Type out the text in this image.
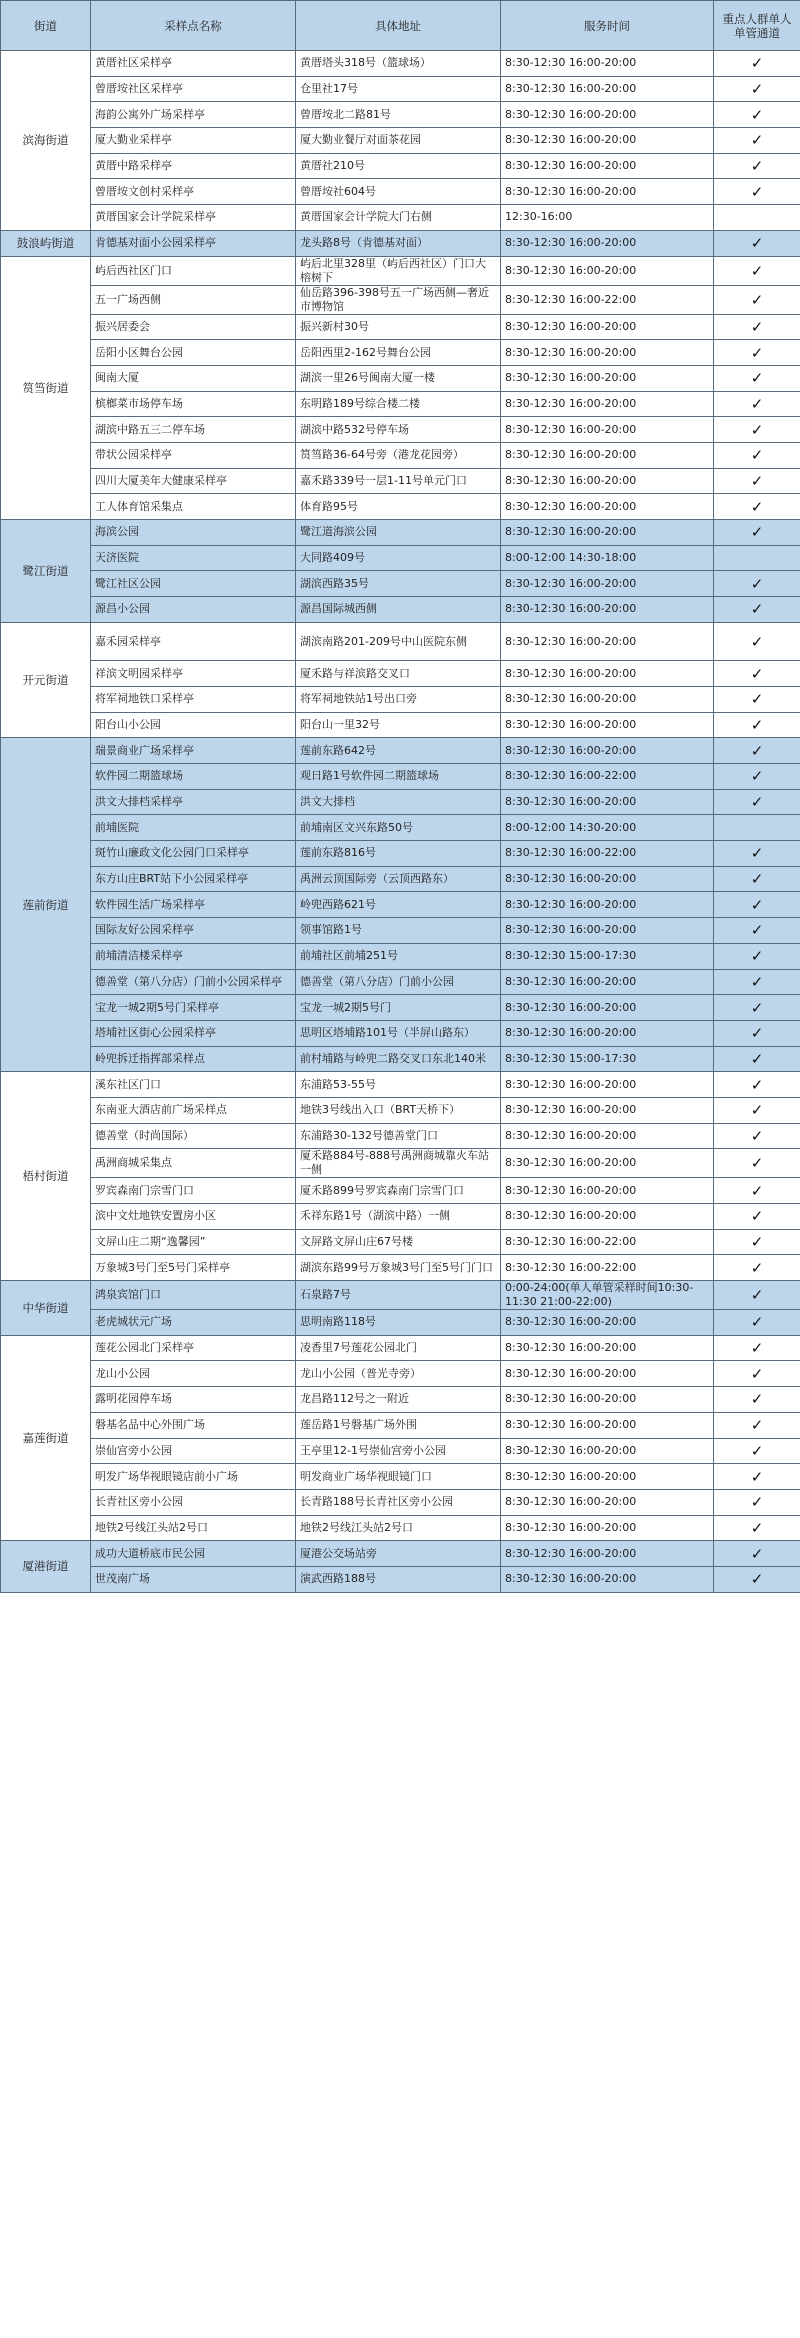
街道	采样点名称	具体地址	服务时间	重点人群单人单管通道
滨海街道	黄厝社区采样亭	黄厝塔头318号（篮球场）	8:30-12:30 16:00-20:00	✓
	曾厝垵社区采样亭	仓里社17号	8:30-12:30 16:00-20:00	✓
	海韵公寓外广场采样亭	曾厝垵北二路81号	8:30-12:30 16:00-20:00	✓
	厦大勤业采样亭	厦大勤业餐厅对面茶花园	8:30-12:30 16:00-20:00	✓
	黄厝中路采样亭	黄厝社210号	8:30-12:30 16:00-20:00	✓
	曾厝垵文创村采样亭	曾厝垵社604号	8:30-12:30 16:00-20:00	✓
	黄厝国家会计学院采样亭	黄厝国家会计学院大门右侧	12:30-16:00	
鼓浪屿街道	肯德基对面小公园采样亭	龙头路8号（肯德基对面）	8:30-12:30 16:00-20:00	✓
筼筜街道	屿后西社区门口	屿后北里328里（屿后西社区）门口大榕树下	8:30-12:30 16:00-20:00	✓
	五一广场西侧	仙岳路396-398号五一广场西侧—奢近市博物馆	8:30-12:30 16:00-22:00	✓
	振兴居委会	振兴新村30号	8:30-12:30 16:00-20:00	✓
	岳阳小区舞台公园	岳阳西里2-162号舞台公园	8:30-12:30 16:00-20:00	✓
	闽南大厦	湖滨一里26号闽南大厦一楼	8:30-12:30 16:00-20:00	✓
	槟榔菜市场停车场	东明路189号综合楼二楼	8:30-12:30 16:00-20:00	✓
	湖滨中路五三二停车场	湖滨中路532号停车场	8:30-12:30 16:00-20:00	✓
	带状公园采样亭	筼筜路36-64号旁（港龙花园旁）	8:30-12:30 16:00-20:00	✓
	四川大厦美年大健康采样亭	嘉禾路339号一层1-11号单元门口	8:30-12:30 16:00-20:00	✓
	工人体育馆采集点	体育路95号	8:30-12:30 16:00-20:00	✓
鹭江街道	海滨公园	鹭江道海滨公园	8:30-12:30 16:00-20:00	✓
	天济医院	大同路409号	8:00-12:00 14:30-18:00	
	鹭江社区公园	湖滨西路35号	8:30-12:30 16:00-20:00	✓
	源昌小公园	源昌国际城西侧	8:30-12:30 16:00-20:00	✓
开元街道	嘉禾园采样亭	湖滨南路201-209号中山医院东侧	8:30-12:30 16:00-20:00	✓
	祥滨文明园采样亭	厦禾路与祥滨路交叉口	8:30-12:30 16:00-20:00	✓
	将军祠地铁口采样亭	将军祠地铁站1号出口旁	8:30-12:30 16:00-20:00	✓
	阳台山小公园	阳台山一里32号	8:30-12:30 16:00-20:00	✓
莲前街道	瑞景商业广场采样亭	莲前东路642号	8:30-12:30 16:00-20:00	✓
	软件园二期篮球场	观日路1号软件园二期篮球场	8:30-12:30 16:00-22:00	✓
	洪文大排档采样亭	洪文大排档	8:30-12:30 16:00-20:00	✓
	前埔医院	前埔南区文兴东路50号	8:00-12:00 14:30-20:00	
	斑竹山廉政文化公园门口采样亭	莲前东路816号	8:30-12:30 16:00-22:00	✓
	东方山庄BRT站下小公园采样亭	禹洲云顶国际旁（云顶西路东）	8:30-12:30 16:00-20:00	✓
	软件园生活广场采样亭	岭兜西路621号	8:30-12:30 16:00-20:00	✓
	国际友好公园采样亭	领事馆路1号	8:30-12:30 16:00-20:00	✓
	前埔清洁楼采样亭	前埔社区前埔251号	8:30-12:30 15:00-17:30	✓
	德善堂（第八分店）门前小公园采样亭	德善堂（第八分店）门前小公园	8:30-12:30 16:00-20:00	✓
	宝龙一城2期5号门采样亭	宝龙一城2期5号门	8:30-12:30 16:00-20:00	✓
	塔埔社区街心公园采样亭	思明区塔埔路101号（半屏山路东）	8:30-12:30 16:00-20:00	✓
	岭兜拆迁指挥部采样点	前村埔路与岭兜二路交叉口东北140米	8:30-12:30 15:00-17:30	✓
梧村街道	溪东社区门口	东浦路53-55号	8:30-12:30 16:00-20:00	✓
	东南亚大酒店前广场采样点	地铁3号线出入口（BRT天桥下）	8:30-12:30 16:00-20:00	✓
	德善堂（时尚国际）	东浦路30-132号德善堂门口	8:30-12:30 16:00-20:00	✓
	禹洲商城采集点	厦禾路884号-888号禹洲商城靠火车站一侧	8:30-12:30 16:00-20:00	✓
	罗宾森南门宗雪门口	厦禾路899号罗宾森南门宗雪门口	8:30-12:30 16:00-20:00	✓
	滨中文灶地铁安置房小区	禾祥东路1号（湖滨中路）一侧	8:30-12:30 16:00-20:00	✓
	文屏山庄二期“逸馨园”	文屏路文屏山庄67号楼	8:30-12:30 16:00-22:00	✓
	万象城3号门至5号门采样亭	湖滨东路99号万象城3号门至5号门门口	8:30-12:30 16:00-22:00	✓
中华街道	鸿泉宾馆门口	石泉路7号	0:00-24:00(单人单管采样时间10:30-11:30 21:00-22:00)	✓
	老虎城状元广场	思明南路118号	8:30-12:30 16:00-20:00	✓
嘉莲街道	莲花公园北门采样亭	凌香里7号莲花公园北门	8:30-12:30 16:00-20:00	✓
	龙山小公园	龙山小公园（普光寺旁）	8:30-12:30 16:00-20:00	✓
	露明花园停车场	龙昌路112号之一附近	8:30-12:30 16:00-20:00	✓
	磐基名品中心外围广场	莲岳路1号磐基广场外围	8:30-12:30 16:00-20:00	✓
	崇仙宫旁小公园	王亭里12-1号崇仙宫旁小公园	8:30-12:30 16:00-20:00	✓
	明发广场华视眼镜店前小广场	明发商业广场华视眼镜门口	8:30-12:30 16:00-20:00	✓
	长青社区旁小公园	长青路188号长青社区旁小公园	8:30-12:30 16:00-20:00	✓
	地铁2号线江头站2号口	地铁2号线江头站2号口	8:30-12:30 16:00-20:00	✓
厦港街道	成功大道桥底市民公园	厦港公交场站旁	8:30-12:30 16:00-20:00	✓
	世茂南广场	演武西路188号	8:30-12:30 16:00-20:00	✓
